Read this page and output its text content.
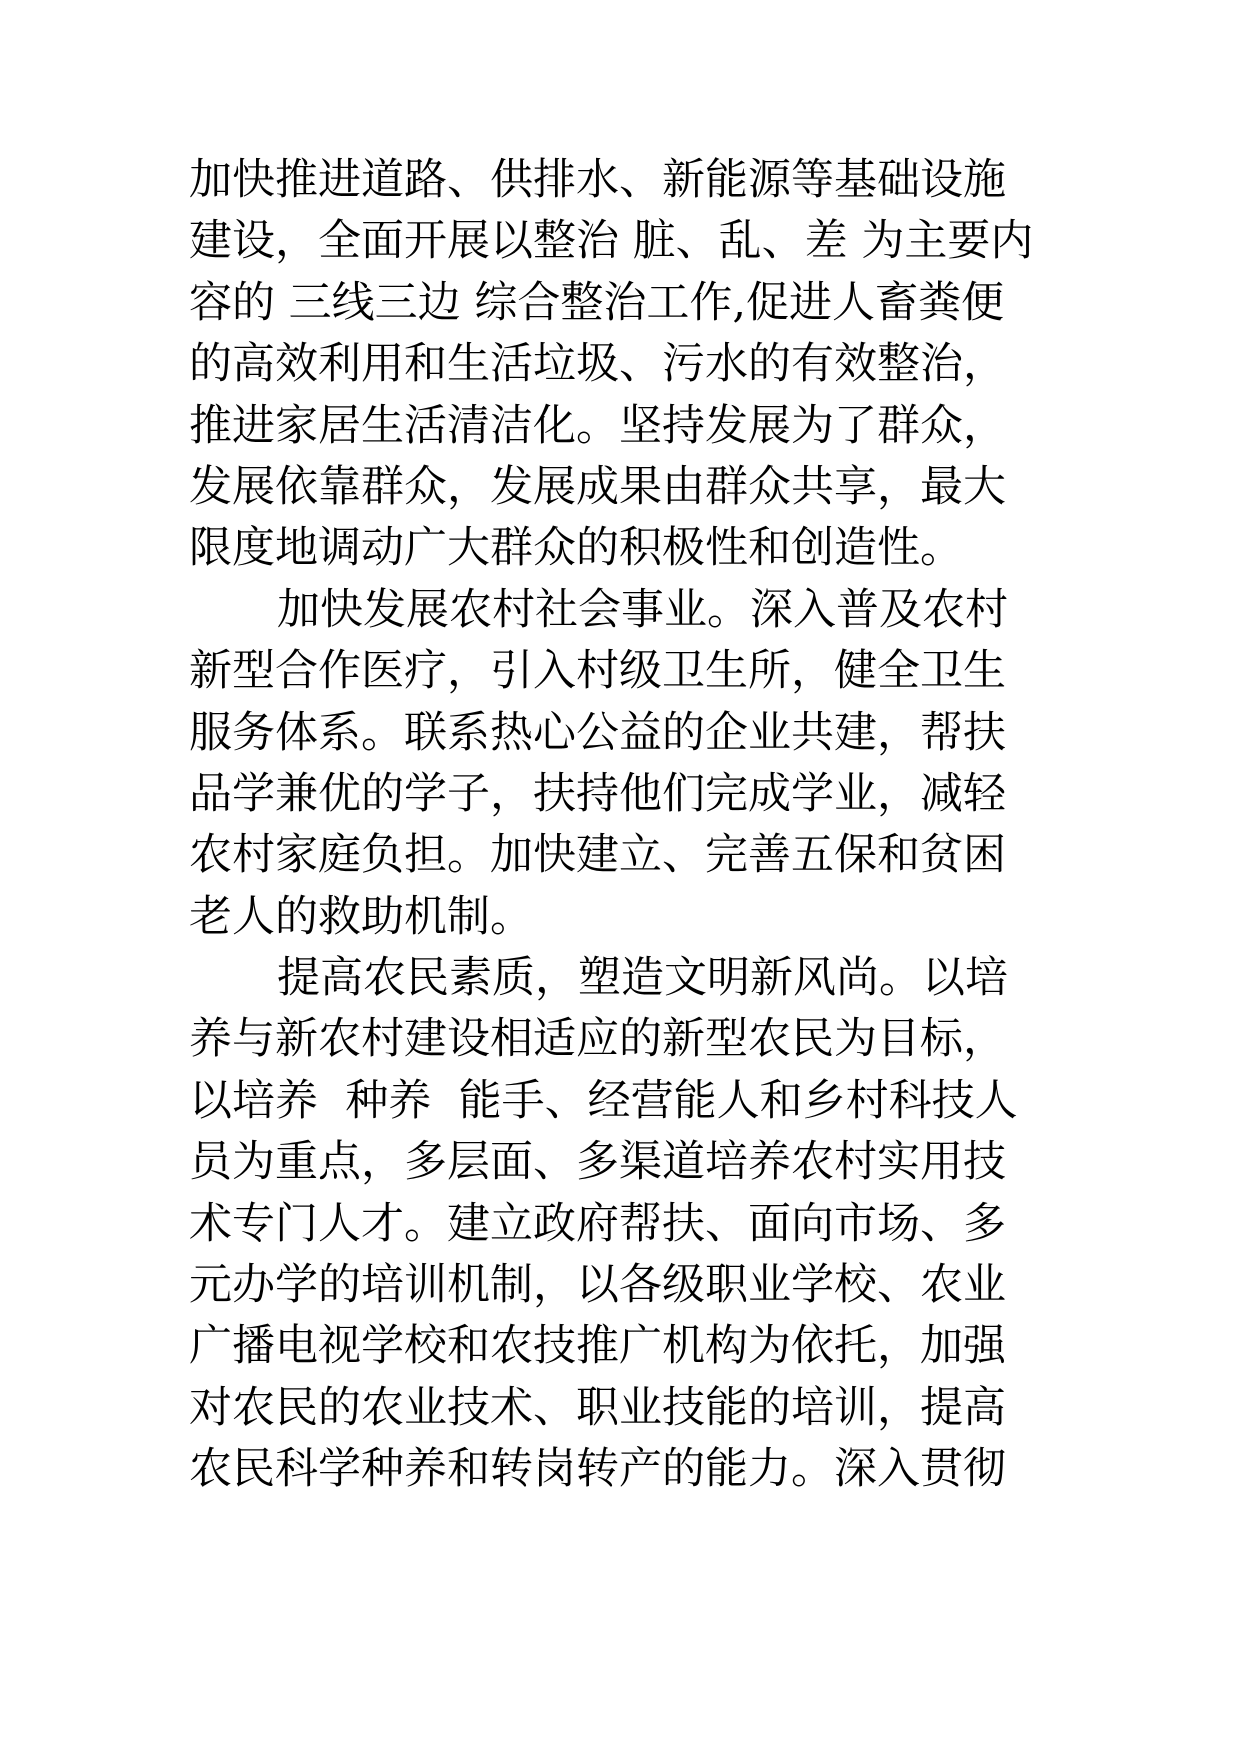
加快推进道路、供排水、新能源等基础设施
建设，全面开展以整治 脏、乱、差 为主要内
容的 三线三边 综合整治工作,促进人畜粪便
的高效利用和生活垃圾、污水的有效整治，
推进家居生活清洁化。坚持发展为了群众，
发展依靠群众，发展成果由群众共享，最大
限度地调动广大群众的积极性和创造性。
加快发展农村社会事业。深入普及农村
新型合作医疗，引入村级卫生所，健全卫生
服务体系。联系热心公益的企业共建，帮扶
品学兼优的学子，扶持他们完成学业，减轻
农村家庭负担。加快建立、完善五保和贫困
老人的救助机制。
提高农民素质，塑造文明新风尚。以培
养与新农村建设相适应的新型农民为目标，
以培养  种养  能手、经营能人和乡村科技人
员为重点，多层面、多渠道培养农村实用技
术专门人才。建立政府帮扶、面向市场、多
元办学的培训机制，以各级职业学校、农业
广播电视学校和农技推广机构为依托，加强
对农民的农业技术、职业技能的培训，提高
农民科学种养和转岗转产的能力。深入贯彻
